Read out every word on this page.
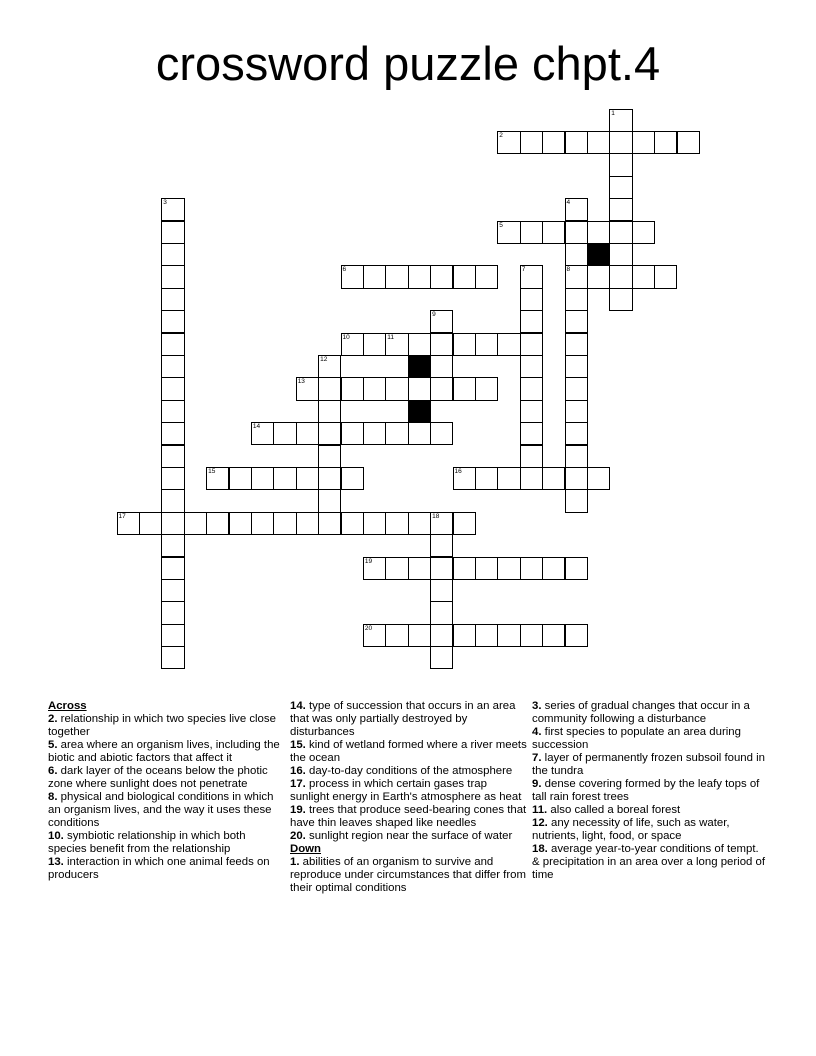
crossword puzzle chpt.4
1
3	4
8
7
9
12
18
2
5
6
10	11
13
14
15	16
17
19
20
Across
2. relationship in which two species live close together
5. area where an organism lives, including the biotic and abiotic factors that affect it
6. dark layer of the oceans below the photic zone where sunlight does not penetrate
8. physical and biological conditions in which an organism lives, and the way it uses these conditions
10. symbiotic relationship in which both species benefit from the relationship
13. interaction in which one animal feeds on producers
14. type of succession that occurs in an area that was only partially destroyed by disturbances
15. kind of wetland formed where a river meets the ocean
16. day-to-day conditions of the atmosphere
17. process in which certain gases trap sunlight energy in Earth's atmosphere as heat
19. trees that produce seed-bearing cones that have thin leaves shaped like needles
20. sunlight region near the surface of water
Down
1. abilities of an organism to survive and reproduce under circumstances that differ from their optimal conditions
3. series of gradual changes that occur in a community following a disturbance
4. first species to populate an area during succession
7. layer of permanently frozen subsoil found in the tundra
9. dense covering formed by the leafy tops of tall rain forest trees
11. also called a boreal forest
12. any necessity of life, such as water, nutrients, light, food, or space
18. average year-to-year conditions of tempt. & precipitation in an area over a long period of time
